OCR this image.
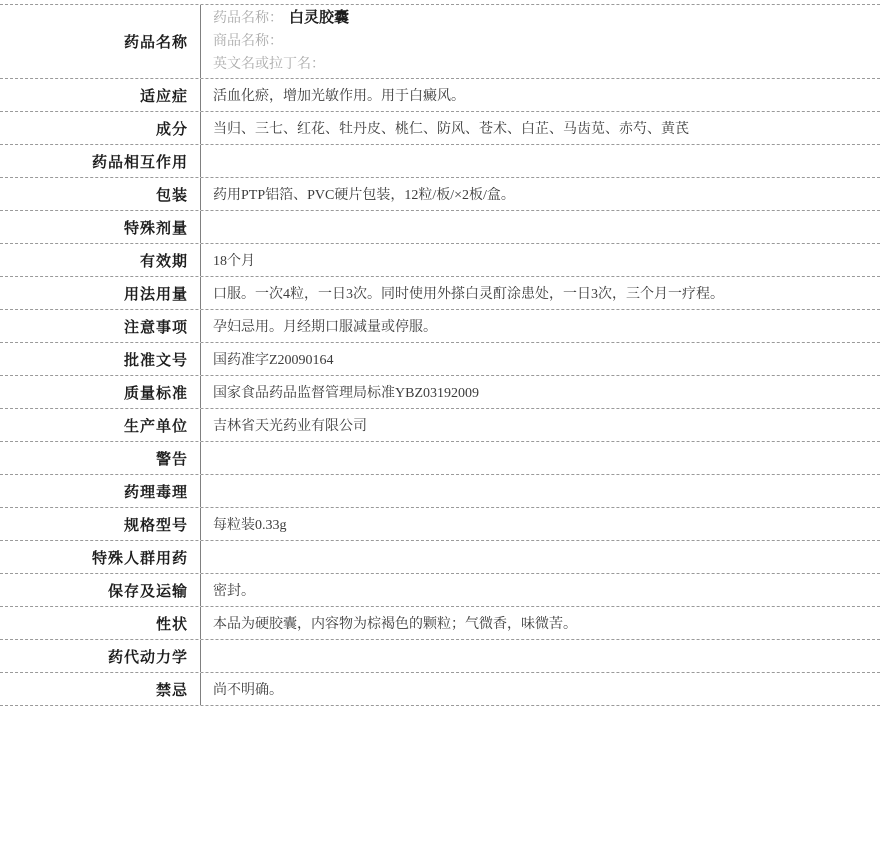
药品名称
药品名称： 白灵胶囊
商品名称：
英文名或拉丁名：
适应症	活血化瘀，增加光敏作用。用于白癜风。
成分	当归、三七、红花、牡丹皮、桃仁、防风、苍术、白芷、马齿苋、赤芍、黄芪
药品相互作用
包装	药用PTP铝箔、PVC硬片包装，12粒/板/×2板/盒。
特殊剂量
有效期	18个月
用法用量	口服。一次4粒，一日3次。同时使用外搽白灵酊涂患处，一日3次，三个月一疗程。
注意事项	孕妇忌用。月经期口服减量或停服。
批准文号	国药准字Z20090164
质量标准	国家食品药品监督管理局标准YBZ03192009
生产单位	吉林省天光药业有限公司
警告
药理毒理
规格型号	每粒装0.33g
特殊人群用药
保存及运输	密封。
性状	本品为硬胶囊，内容物为棕褐色的颗粒；气微香，味微苦。
药代动力学
禁忌	尚不明确。
